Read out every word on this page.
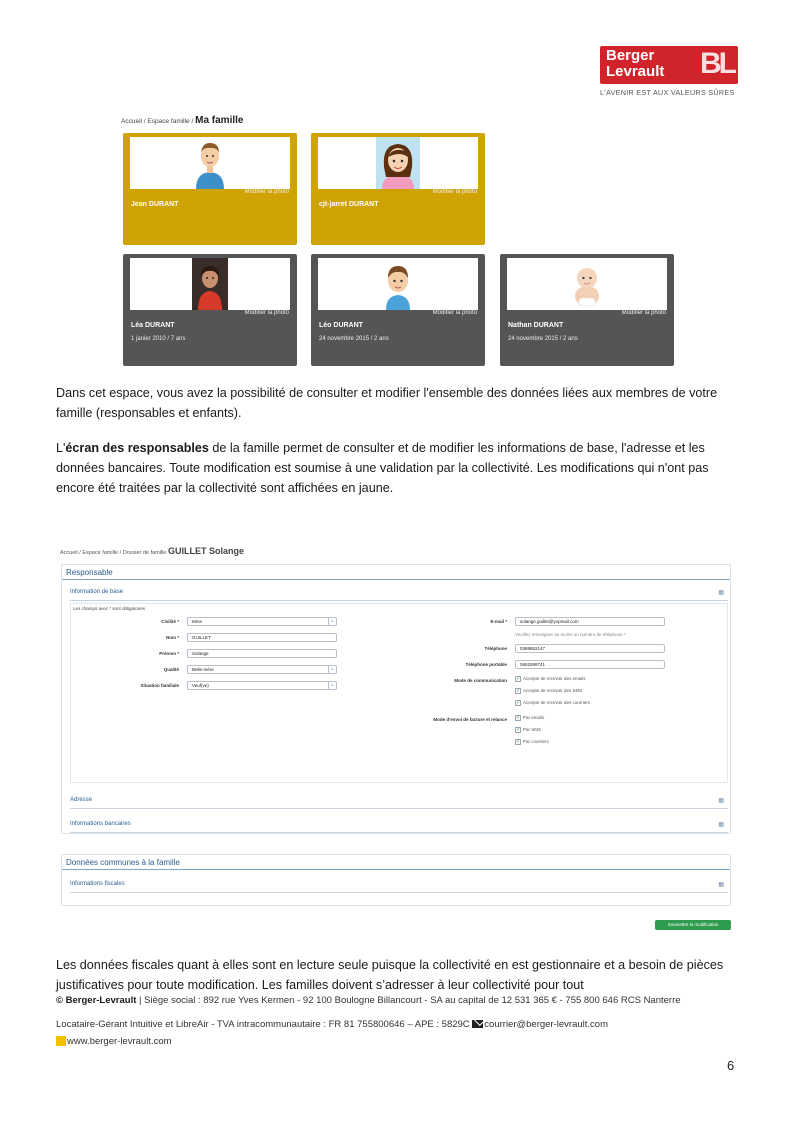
Berger
Levrault BL
L'AVENIR EST AUX VALEURS SÛRES
Accueil / Espace famille / Ma famille
Modifier la photo
Jean DURANT
Modifier la photo
cjt-jarret DURANT
Modifier la photo
Léa DURANT
1 janier 2010 / 7 ans
Modifier la photo
Léo DURANT
24 novembre 2015 / 2 ans
Modifier la photo
Nathan DURANT
24 novembre 2015 / 2 ans
Dans cet espace, vous avez la possibilité de consulter et modifier l'ensemble des données liées aux membres de votre famille (responsables et enfants).
L'écran des responsables de la famille permet de consulter et de modifier les informations de base, l'adresse et les données bancaires. Toute modification est soumise à une validation par la collectivité. Les modifications qui n'ont pas encore été traitées par la collectivité sont affichées en jaune.
Accueil / Espace famille / Dossier de famille GUILLET Solange
Responsable
Information de base	▦
Les champs avec * sont obligatoires
Civilité *	Mme	⌄
Nom *	GUILLET
Prénom *	Solange
Qualité	Belle-mère	⌄
Situation familiale	Veuf(ve)	⌄
E-mail *	solange.guillet@yopmail.com
Veuillez renseigner au moins un numéro de téléphone *
Téléphone	0369852147
Téléphone portable	0652598741
Mode de communication ✓ Accepte de recevoir des emails
✓ Accepte de recevoir des SMS
✓ Accepte de recevoir des courriers
Mode d'envoi de facture et relance ✓ Par emails
✓ Par SMS
✓ Par courriers
Adresse	▦
Informations bancaires	▦
Données communes à la famille
Informations fiscales	▦
Soumettre la modification
Les données fiscales quant à elles sont en lecture seule puisque la collectivité en est gestionnaire et a besoin de pièces justificatives pour toute modification. Les familles doivent s’adresser à leur collectivité pour tout
© Berger-Levrault | Siège social : 892 rue Yves Kermen - 92 100 Boulogne Billancourt - SA au capital de 12 531 365 € - 755 800 646 RCS Nanterre
Locataire-Gérant Intuitive et LibreAir - TVA intracommunautaire : FR 81 755800646 – APE : 5829C courrier@berger-levrault.com
www.berger-levrault.com
6
